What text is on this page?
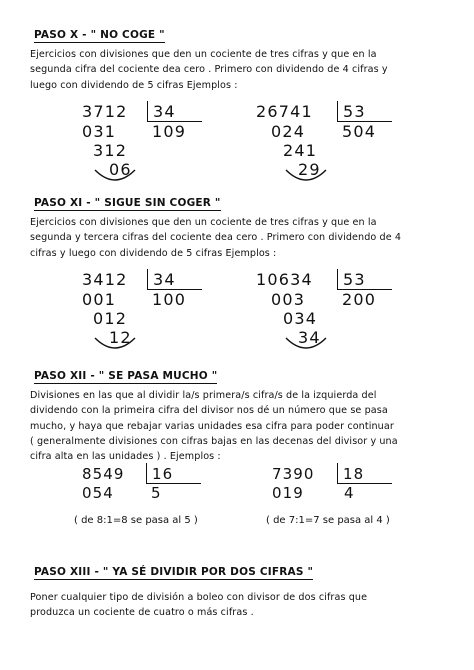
PASO X - " NO COGE "
Ejercicios con divisiones que den un cociente de tres cifras y que en la
segunda cifra del cociente dea cero . Primero con dividendo de 4 cifras y
luego con dividendo de 5 cifras Ejemplos :
3712 34
109
031
312
06
26741 53
504
024
241
29
PASO XI - " SIGUE SIN COGER "
Ejercicios con divisiones que den un cociente de tres cifras y que en la
segunda y tercera cifras del cociente dea cero . Primero con dividendo de 4
cifras y luego con dividendo de 5 cifras Ejemplos :
3412 34
100
001
012
12
10634 53
200
003
034
34
PASO XII - " SE PASA MUCHO "
Divisiones en las que al dividir la/s primera/s cifra/s de la izquierda del
dividendo con la primeira cifra del divisor nos dé un número que se pasa
mucho, y haya que rebajar varias unidades esa cifra para poder continuar
( generalmente divisiones con cifras bajas en las decenas del divisor y una
cifra alta en las unidades ) . Ejemplos :
8549 16
5
054
( de 8:1=8 se pasa al 5 )
7390 18
4
019
( de 7:1=7 se pasa al 4 )
PASO XIII - " YA SÉ DIVIDIR POR DOS CIFRAS "
Poner cualquier tipo de división a boleo con divisor de dos cifras que
produzca un cociente de cuatro o más cifras .
